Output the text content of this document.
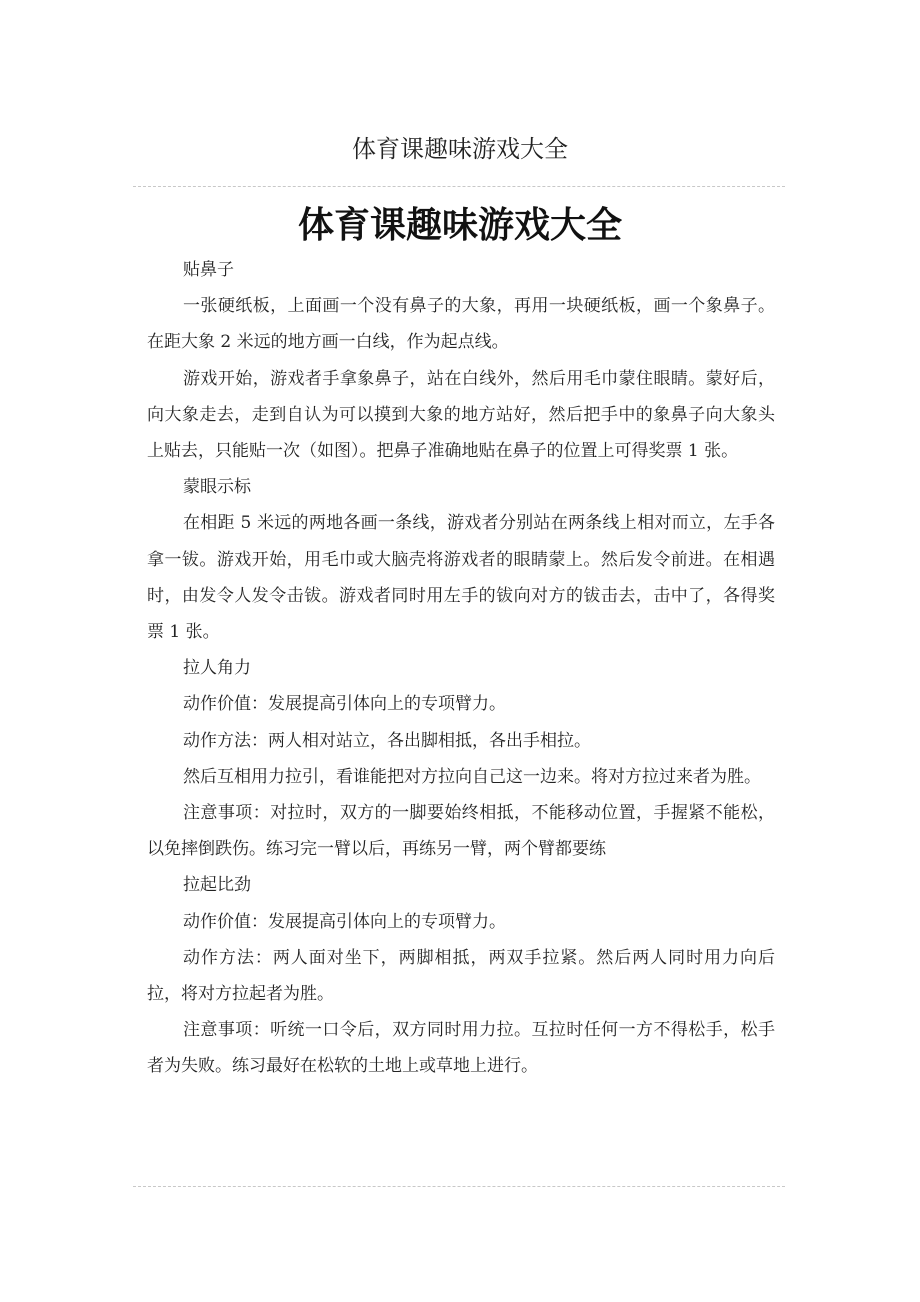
体育课趣味游戏大全
体育课趣味游戏大全

贴鼻子

一张硬纸板，上面画一个没有鼻子的大象，再用一块硬纸板，画一个象鼻子。在距大象 2 米远的地方画一白线，作为起点线。

游戏开始，游戏者手拿象鼻子，站在白线外，然后用毛巾蒙住眼睛。蒙好后，向大象走去，走到自认为可以摸到大象的地方站好，然后把手中的象鼻子向大象头上贴去，只能贴一次（如图）。把鼻子准确地贴在鼻子的位置上可得奖票 1 张。

蒙眼示标

在相距 5 米远的两地各画一条线，游戏者分别站在两条线上相对而立，左手各拿一钹。游戏开始，用毛巾或大脑壳将游戏者的眼睛蒙上。然后发令前进。在相遇时，由发令人发令击钹。游戏者同时用左手的钹向对方的钹击去，击中了，各得奖票 1 张。

拉人角力

动作价值：发展提高引体向上的专项臂力。

动作方法：两人相对站立，各出脚相抵，各出手相拉。

然后互相用力拉引，看谁能把对方拉向自己这一边来。将对方拉过来者为胜。

注意事项：对拉时，双方的一脚要始终相抵，不能移动位置，手握紧不能松，以免摔倒跌伤。练习完一臂以后，再练另一臂，两个臂都要练

拉起比劲

动作价值：发展提高引体向上的专项臂力。

动作方法：两人面对坐下，两脚相抵，两双手拉紧。然后两人同时用力向后拉，将对方拉起者为胜。

注意事项：听统一口令后，双方同时用力拉。互拉时任何一方不得松手，松手者为失败。练习最好在松软的土地上或草地上进行。
